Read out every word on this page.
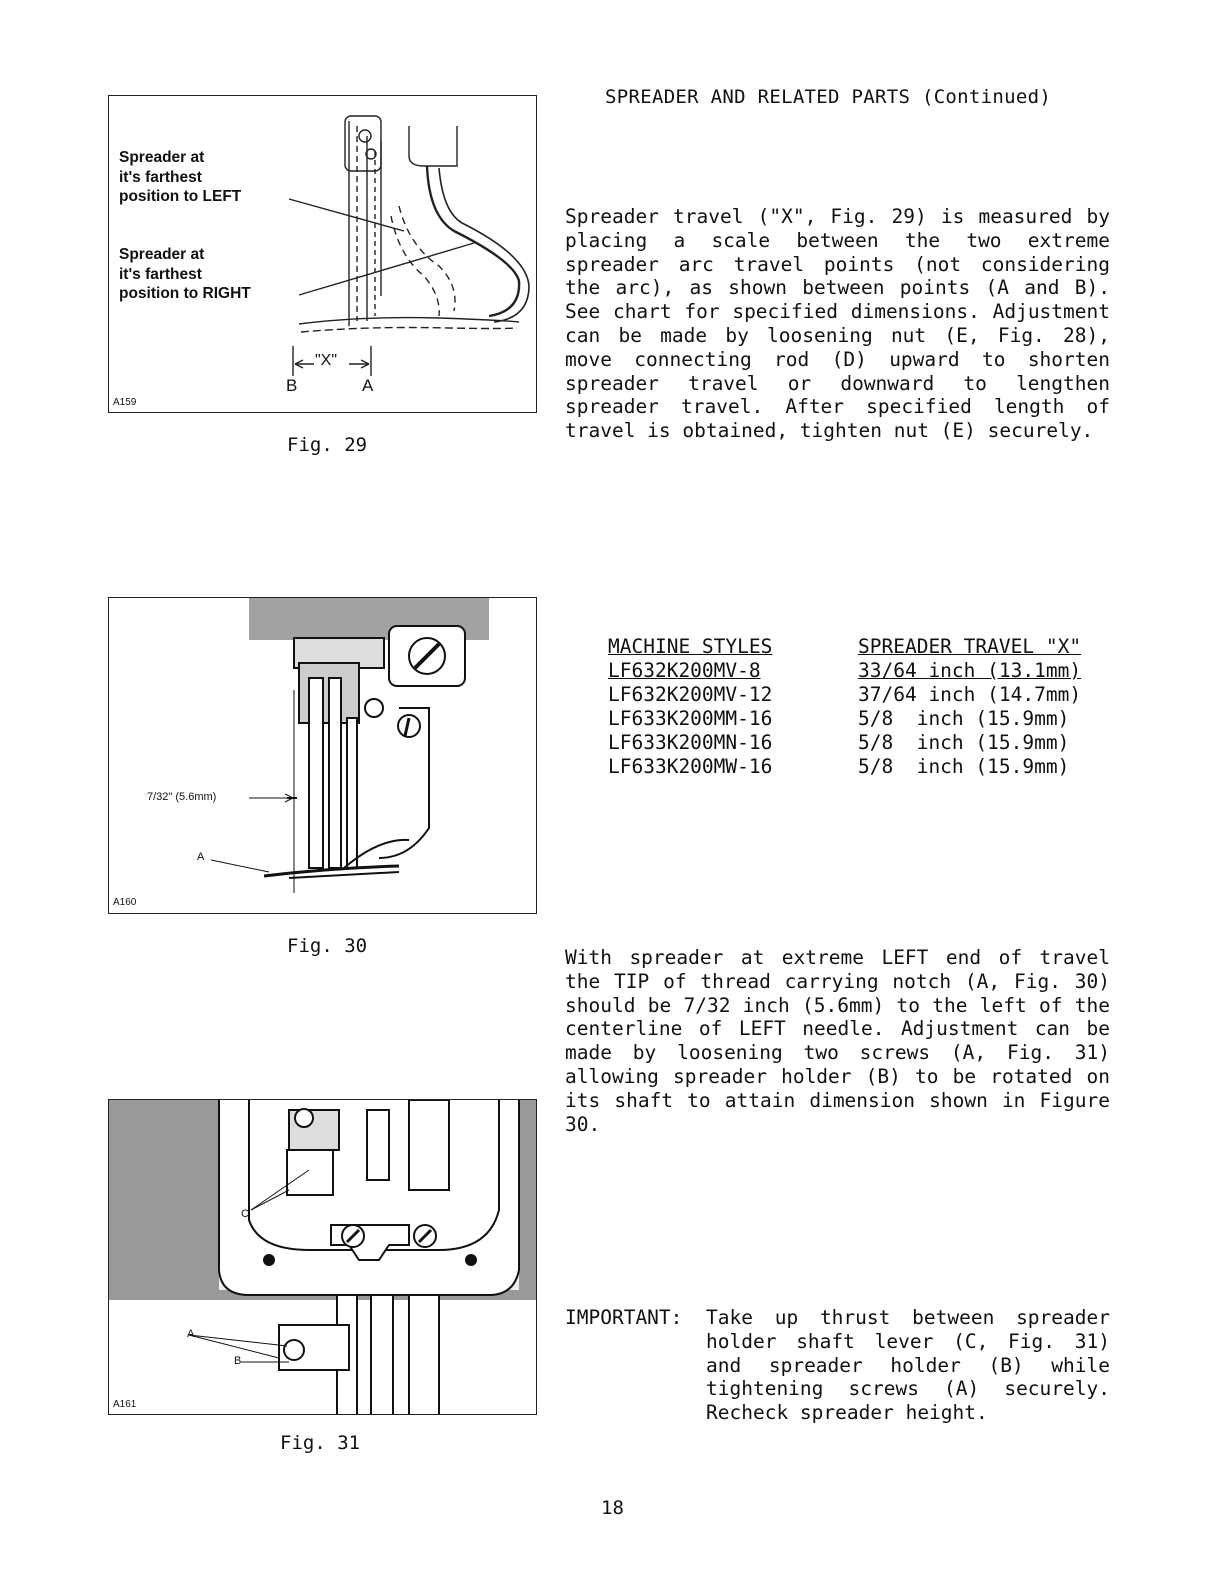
SPREADER AND RELATED PARTS (Continued)
Spreader at
it's farthest
position to LEFT
Spreader at
it's farthest
position to RIGHT
"X"
B	A
A159
Fig. 29
Spreader travel ("X", Fig. 29) is measured by placing a scale between the two extreme spreader arc travel points (not considering the arc), as shown between points (A and B). See chart for specified dimensions. Adjustment can be made by loosening nut (E, Fig. 28), move connecting rod (D) upward to shorten spreader travel or downward to lengthen spreader travel. After specified length of travel is obtained, tighten nut (E) securely.
7/32" (5.6mm)
A
A160
Fig. 30
MACHINE STYLES	SPREADER TRAVEL "X"
LF632K200MV-8	33/64 inch (13.1mm)
LF632K200MV-12	37/64 inch (14.7mm)
LF633K200MM-16	5/8  inch (15.9mm)
LF633K200MN-16	5/8  inch (15.9mm)
LF633K200MW-16	5/8  inch (15.9mm)
With spreader at extreme LEFT end of travel the TIP of thread carrying notch (A, Fig. 30) should be 7/32 inch (5.6mm) to the left of the centerline of LEFT needle. Adjustment can be made by loosening two screws (A, Fig. 31) allowing spreader holder (B) to be rotated on its shaft to attain dimension shown in Figure 30.
C
A
B
A161
Fig. 31
IMPORTANT: Take up thrust between spreader holder shaft lever (C, Fig. 31) and spreader holder (B) while tightening screws (A) securely. Recheck spreader height.
18
